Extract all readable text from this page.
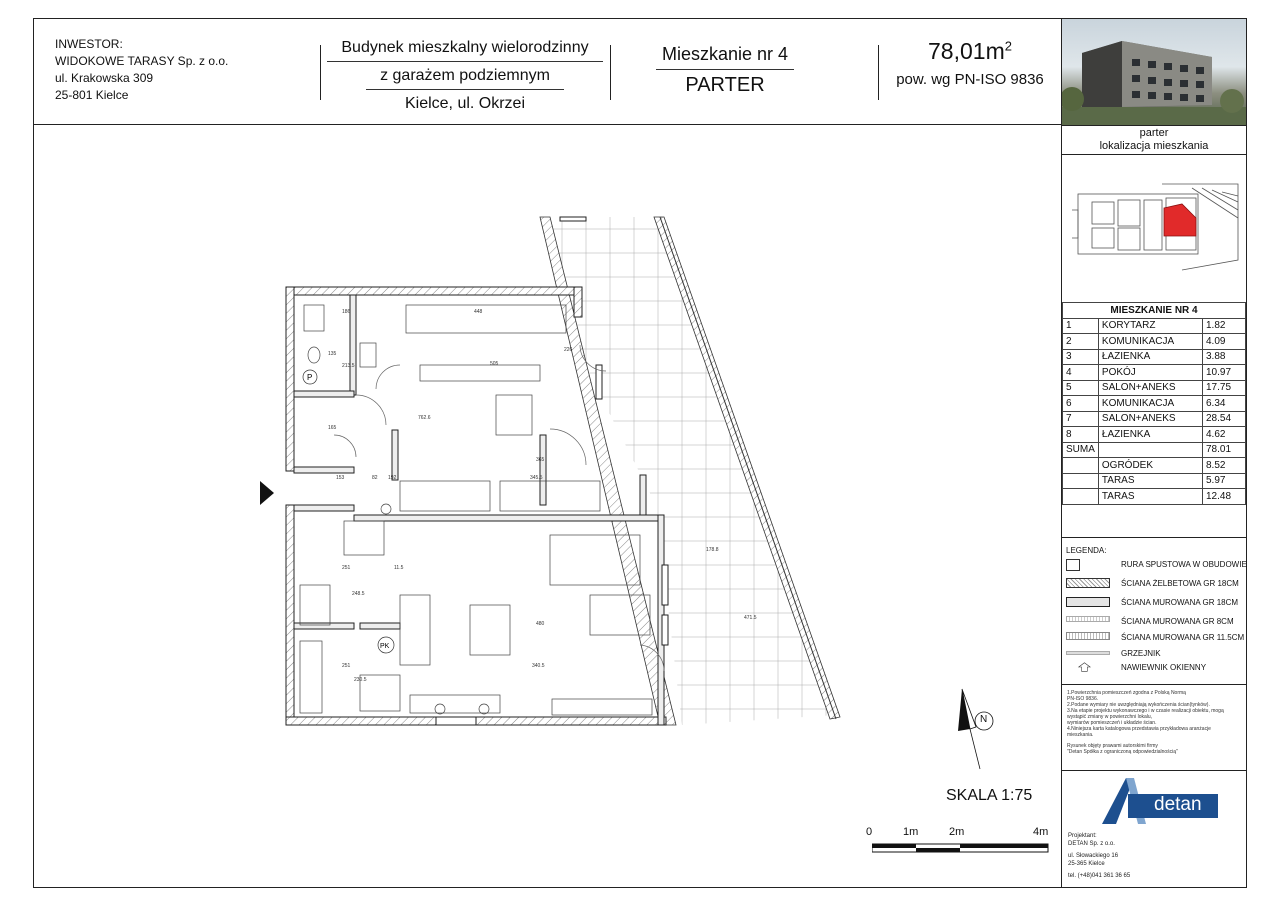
INWESTOR:
WIDOKOWE TARASY Sp. z o.o.
ul. Krakowska 309
25-801 Kielce
Budynek mieszkalny wielorodzinny
z garażem podziemnym
Kielce, ul. Okrzei
Mieszkanie nr 4
PARTER
$78,01m^2$
pow. wg PN-ISO 9836
parter
lokalizacja mieszkania
MIESZKANIE NR 4		
1	KORYTARZ	1.82
2	KOMUNIKACJA	4.09
3	ŁAZIENKA	3.88
4	POKÓJ	10.97
5	SALON+ANEKS	17.75
6	KOMUNIKACJA	6.34
7	SALON+ANEKS	28.54
8	ŁAZIENKA	4.62
SUMA		78.01
	OGRÓDEK	8.52
	TARAS	5.97
	TARAS	12.48
LEGENDA:
RURA SPUSTOWA W OBUDOWIE
ŚCIANA ŻELBETOWA GR 18CM
ŚCIANA MUROWANA GR 18CM
ŚCIANA MUROWANA GR 8CM
ŚCIANA MUROWANA GR 11.5CM
GRZEJNIK
NAWIEWNIK OKIENNY
1.Powierzchnia pomieszczeń zgodna z Polską Normą
PN-ISO 9836.
2.Podane wymiary nie uwzględniają wykończenia ścian(tynków).
3.Na etapie projektu wykonawczego i w czasie realizacji obiektu, mogą
wystąpić zmiany w powierzchni lokalu,
wymiarów pomieszczeń i układzie ścian.
4.Niniejsza karta katalogowa przedstawia przykładowa aranżacje
mieszkania.
Rysunek objęty prawami autorskimi firmy
"Detan Spółka z ograniczoną odpowiedzialnością"
detan
Projektant:
DETAN Sp. z o.o.
ul. Słowackiego 16
25-365 Kielce
tel. (+48)041 361 36 65
SKALA 1:75
0	1m	2m	4m
N
P
PK
186	448
226
505
762.6
345.5
365
153	82 192
251	11.5
248.5
251
480
340.5
178.8
471.5
230.5
135
165
213.5
